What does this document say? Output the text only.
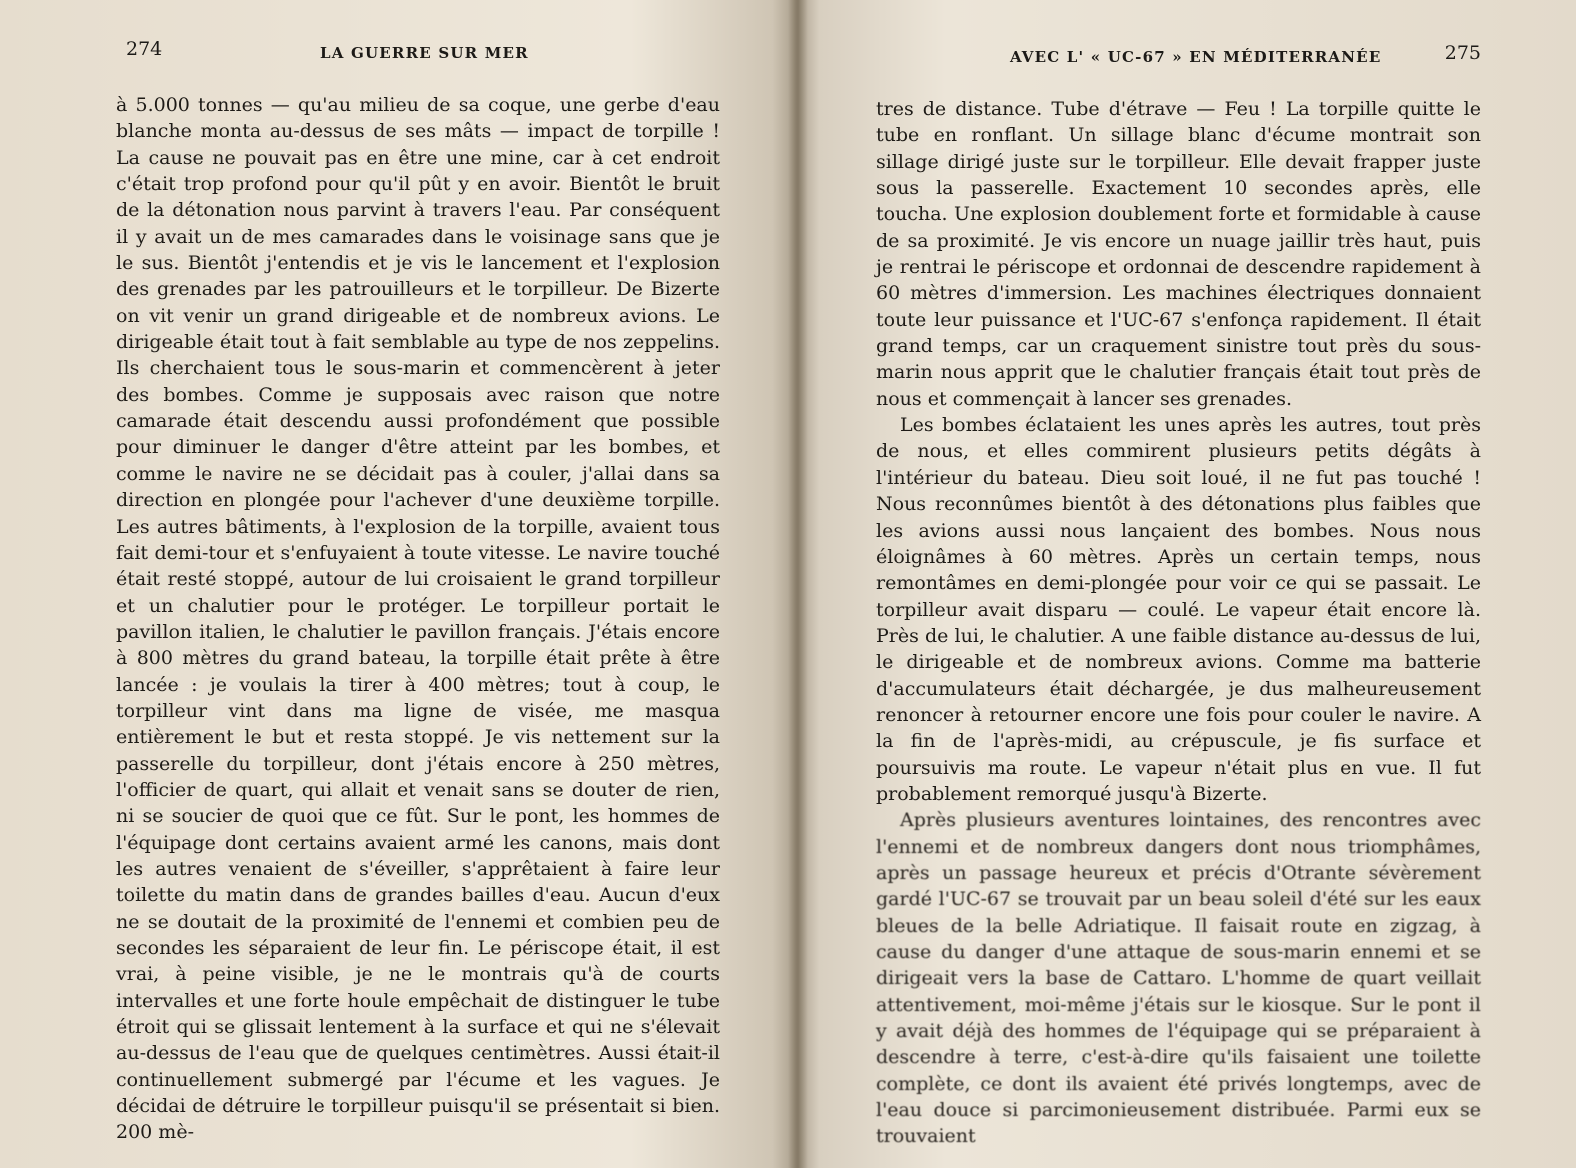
274	LA GUERRE SUR MER

à 5.000 tonnes — qu'au milieu de sa coque, une gerbe d'eau blanche monta au-dessus de ses mâts — impact de torpille ! La cause ne pouvait pas en être une mine, car à cet endroit c'était trop profond pour qu'il pût y en avoir. Bientôt le bruit de la détonation nous parvint à travers l'eau. Par conséquent il y avait un de mes camarades dans le voisinage sans que je le sus. Bientôt j'entendis et je vis le lancement et l'explosion des grenades par les patrouilleurs et le torpilleur. De Bizerte on vit venir un grand dirigeable et de nombreux avions. Le dirigeable était tout à fait semblable au type de nos zeppelins. Ils cherchaient tous le sous-marin et commencèrent à jeter des bombes. Comme je supposais avec raison que notre camarade était descendu aussi profondément que possible pour diminuer le danger d'être atteint par les bombes, et comme le navire ne se décidait pas à couler, j'allai dans sa direction en plongée pour l'achever d'une deuxième torpille. Les autres bâtiments, à l'explosion de la torpille, avaient tous fait demi-tour et s'enfuyaient à toute vitesse. Le navire touché était resté stoppé, autour de lui croisaient le grand torpilleur et un chalutier pour le protéger. Le torpilleur portait le pavillon italien, le chalutier le pavillon français. J'étais encore à 800 mètres du grand bateau, la torpille était prête à être lancée : je voulais la tirer à 400 mètres; tout à coup, le torpilleur vint dans ma ligne de visée, me masqua entièrement le but et resta stoppé. Je vis nettement sur la passerelle du torpilleur, dont j'étais encore à 250 mètres, l'officier de quart, qui allait et venait sans se douter de rien, ni se soucier de quoi que ce fût. Sur le pont, les hommes de l'équipage dont certains avaient armé les canons, mais dont les autres venaient de s'éveiller, s'apprêtaient à faire leur toilette du matin dans de grandes bailles d'eau. Aucun d'eux ne se doutait de la proximité de l'ennemi et combien peu de secondes les séparaient de leur fin. Le périscope était, il est vrai, à peine visible, je ne le montrais qu'à de courts intervalles et une forte houle empêchait de distinguer le tube étroit qui se glissait lentement à la surface et qui ne s'élevait au-dessus de l'eau que de quelques centimètres. Aussi était-il continuellement submergé par l'écume et les vagues. Je décidai de détruire le torpilleur puisqu'il se présentait si bien. 200 mè-

AVEC L' « UC-67 » EN MÉDITERRANÉE	275

tres de distance. Tube d'étrave — Feu ! La torpille quitte le tube en ronflant. Un sillage blanc d'écume montrait son sillage dirigé juste sur le torpilleur. Elle devait frapper juste sous la passerelle. Exactement 10 secondes après, elle toucha. Une explosion doublement forte et formidable à cause de sa proximité. Je vis encore un nuage jaillir très haut, puis je rentrai le périscope et ordonnai de descendre rapidement à 60 mètres d'immersion. Les machines électriques donnaient toute leur puissance et l'UC-67 s'enfonça rapidement. Il était grand temps, car un craquement sinistre tout près du sous-marin nous apprit que le chalutier français était tout près de nous et commençait à lancer ses grenades.

Les bombes éclataient les unes après les autres, tout près de nous, et elles commirent plusieurs petits dégâts à l'intérieur du bateau. Dieu soit loué, il ne fut pas touché ! Nous reconnûmes bientôt à des détonations plus faibles que les avions aussi nous lançaient des bombes. Nous nous éloignâmes à 60 mètres. Après un certain temps, nous remontâmes en demi-plongée pour voir ce qui se passait. Le torpilleur avait disparu — coulé. Le vapeur était encore là. Près de lui, le chalutier. A une faible distance au-dessus de lui, le dirigeable et de nombreux avions. Comme ma batterie d'accumulateurs était déchargée, je dus malheureusement renoncer à retourner encore une fois pour couler le navire. A la fin de l'après-midi, au crépuscule, je fis surface et poursuivis ma route. Le vapeur n'était plus en vue. Il fut probablement remorqué jusqu'à Bizerte.

Après plusieurs aventures lointaines, des rencontres avec l'ennemi et de nombreux dangers dont nous triomphâmes, après un passage heureux et précis d'Otrante sévèrement gardé l'UC-67 se trouvait par un beau soleil d'été sur les eaux bleues de la belle Adriatique. Il faisait route en zigzag, à cause du danger d'une attaque de sous-marin ennemi et se dirigeait vers la base de Cattaro. L'homme de quart veillait attentivement, moi-même j'étais sur le kiosque. Sur le pont il y avait déjà des hommes de l'équipage qui se préparaient à descendre à terre, c'est-à-dire qu'ils faisaient une toilette complète, ce dont ils avaient été privés longtemps, avec de l'eau douce si parcimonieusement distribuée. Parmi eux se trouvaient
